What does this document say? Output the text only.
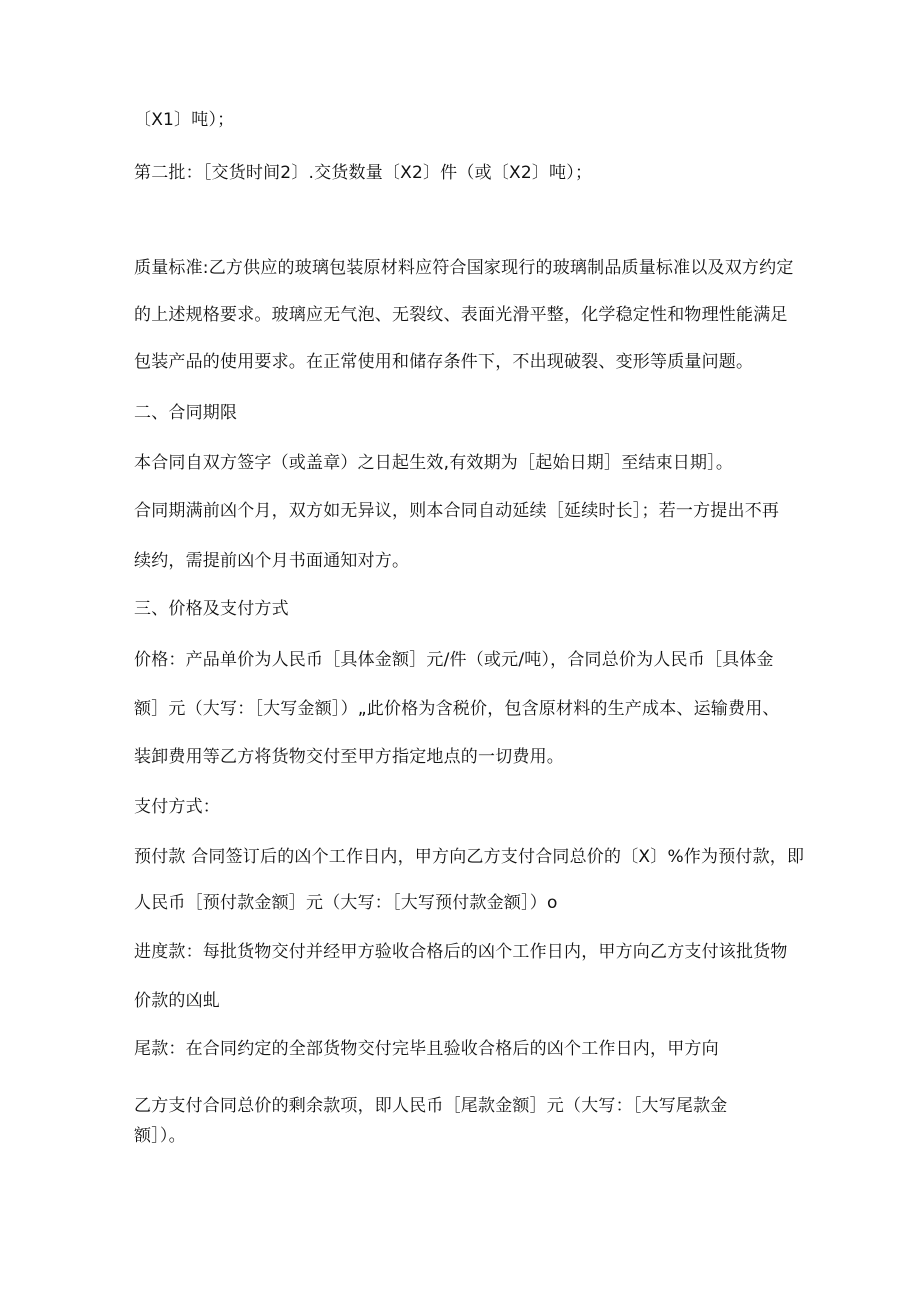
〔X1〕吨）；
第二批：［交货时间2〕.交货数量〔X2〕件（或〔X2〕吨）；
质量标准:乙方供应的玻璃包装原材料应符合国家现行的玻璃制品质量标准以及双方约定
的上述规格要求。玻璃应无气泡、无裂纹、表面光滑平整，化学稳定性和物理性能满足
包装产品的使用要求。在正常使用和储存条件下，不出现破裂、变形等质量问题。
二、合同期限
本合同自双方签字（或盖章）之日起生效,有效期为［起始日期］至结束日期］。
合同期满前凶个月，双方如无异议，则本合同自动延续［延续时长］；若一方提出不再
续约，需提前凶个月书面通知对方。
三、价格及支付方式
价格：产品单价为人民币［具体金额］元/件（或元/吨），合同总价为人民币［具体金
额］元（大写：［大写金额］）„此价格为含税价，包含原材料的生产成本、运输费用、
装卸费用等乙方将货物交付至甲方指定地点的一切费用。
支付方式：
预付款 合同签订后的凶个工作日内，甲方向乙方支付合同总价的〔X〕%作为预付款，即
人民币［预付款金额］元（大写：［大写预付款金额］）o
进度款：每批货物交付并经甲方验收合格后的凶个工作日内，甲方向乙方支付该批货物
价款的凶虬
尾款：在合同约定的全部货物交付完毕且验收合格后的凶个工作日内，甲方向
乙方支付合同总价的剩余款项，即人民币［尾款金额］元（大写：［大写尾款金
额］）。
